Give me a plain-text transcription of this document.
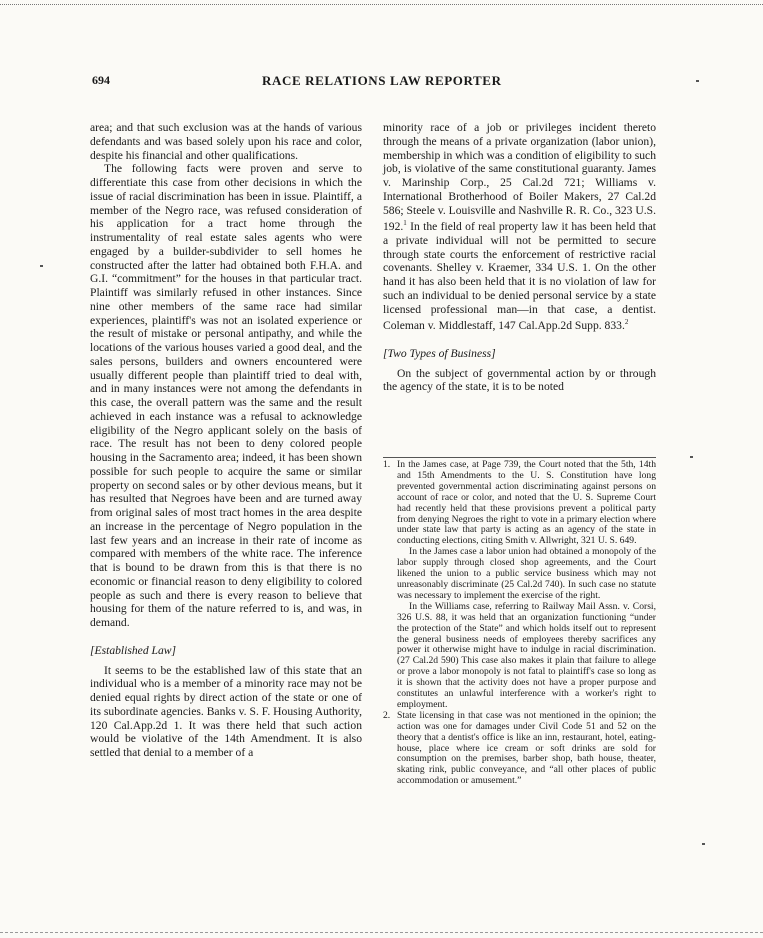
694	RACE RELATIONS LAW REPORTER

area; and that such exclusion was at the hands of various defendants and was based solely upon his race and color, despite his financial and other qualifications.

The following facts were proven and serve to differentiate this case from other decisions in which the issue of racial discrimination has been in issue. Plaintiff, a member of the Negro race, was refused consideration of his application for a tract home through the instrumentality of real estate sales agents who were engaged by a builder-subdivider to sell homes he constructed after the latter had obtained both F.H.A. and G.I. “commitment” for the houses in that particular tract. Plaintiff was similarly refused in other instances. Since nine other members of the same race had similar experiences, plaintiff's was not an isolated experience or the result of mistake or personal antipathy, and while the locations of the various houses varied a good deal, and the sales persons, builders and owners encountered were usually different people than plaintiff tried to deal with, and in many instances were not among the defendants in this case, the overall pattern was the same and the result achieved in each instance was a refusal to acknowledge eligibility of the Negro applicant solely on the basis of race. The result has not been to deny colored people housing in the Sacramento area; indeed, it has been shown possible for such people to acquire the same or similar property on second sales or by other devious means, but it has resulted that Negroes have been and are turned away from original sales of most tract homes in the area despite an increase in the percentage of Negro population in the last few years and an increase in their rate of income as compared with members of the white race. The inference that is bound to be drawn from this is that there is no economic or financial reason to deny eligibility to colored people as such and there is every reason to believe that housing for them of the nature referred to is, and was, in demand.

[Established Law]

It seems to be the established law of this state that an individual who is a member of a minority race may not be denied equal rights by direct action of the state or one of its subordinate agencies. Banks v. S. F. Housing Authority, 120 Cal.App.2d 1. It was there held that such action would be violative of the 14th Amendment. It is also settled that denial to a member of a

minority race of a job or privileges incident thereto through the means of a private organization (labor union), membership in which was a condition of eligibility to such job, is violative of the same constitutional guaranty. James v. Marinship Corp., 25 Cal.2d 721; Williams v. International Brotherhood of Boiler Makers, 27 Cal.2d 586; Steele v. Louisville and Nashville R. R. Co., 323 U.S. 192.$^1$ In the field of real property law it has been held that a private individual will not be permitted to secure through state courts the enforcement of restrictive racial covenants. Shelley v. Kraemer, 334 U.S. 1. On the other hand it has also been held that it is no violation of law for such an individual to be denied personal service by a state licensed professional man—in that case, a dentist. Coleman v. Middlestaff, 147 Cal.App.2d Supp. 833.$^2$

[Two Types of Business]

On the subject of governmental action by or through the agency of the state, it is to be noted

1. In the James case, at Page 739, the Court noted that the 5th, 14th and 15th Amendments to the U. S. Constitution have long prevented governmental action discriminating against persons on account of race or color, and noted that the U. S. Supreme Court had recently held that these provisions prevent a political party from denying Negroes the right to vote in a primary election where under state law that party is acting as an agency of the state in conducting elections, citing Smith v. Allwright, 321 U. S. 649.

In the James case a labor union had obtained a monopoly of the labor supply through closed shop agreements, and the Court likened the union to a public service business which may not unreasonably discriminate (25 Cal.2d 740). In such case no statute was necessary to implement the exercise of the right.

In the Williams case, referring to Railway Mail Assn. v. Corsi, 326 U.S. 88, it was held that an organization functioning “under the protection of the State” and which holds itself out to represent the general business needs of employees thereby sacrifices any power it otherwise might have to indulge in racial discrimination. (27 Cal.2d 590) This case also makes it plain that failure to allege or prove a labor monopoly is not fatal to plaintiff's case so long as it is shown that the activity does not have a proper purpose and constitutes an unlawful interference with a worker's right to employment.

2. State licensing in that case was not mentioned in the opinion; the action was one for damages under Civil Code 51 and 52 on the theory that a dentist's office is like an inn, restaurant, hotel, eating-house, place where ice cream or soft drinks are sold for consumption on the premises, barber shop, bath house, theater, skating rink, public conveyance, and “all other places of public accommodation or amusement.”
